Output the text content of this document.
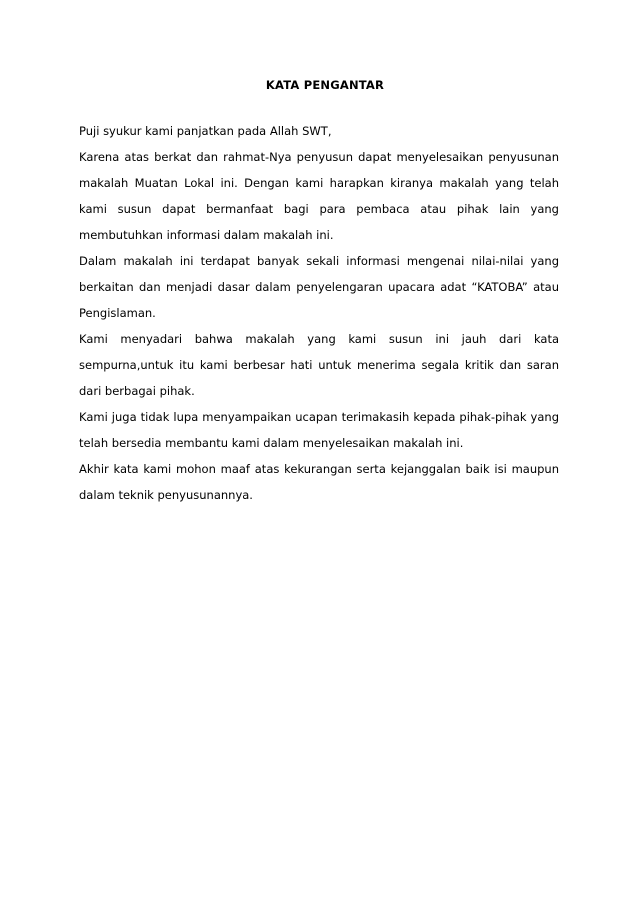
KATA PENGANTAR

Puji syukur kami panjatkan pada Allah SWT,

Karena atas berkat dan rahmat-Nya penyusun dapat menyelesaikan penyusunan makalah Muatan Lokal ini. Dengan kami harapkan kiranya makalah yang telah kami susun dapat bermanfaat bagi para pembaca atau pihak lain yang membutuhkan informasi dalam makalah ini.

Dalam makalah ini terdapat banyak sekali informasi mengenai nilai-nilai yang berkaitan dan menjadi dasar dalam penyelengaran upacara adat “KATOBA” atau Pengislaman.

Kami menyadari bahwa makalah yang kami susun ini jauh dari kata sempurna,untuk itu kami berbesar hati untuk menerima segala kritik dan saran dari berbagai pihak.

Kami juga tidak lupa menyampaikan ucapan terimakasih kepada pihak-pihak yang telah bersedia membantu kami dalam menyelesaikan makalah ini.

Akhir kata kami mohon maaf atas kekurangan serta kejanggalan baik isi maupun dalam teknik penyusunannya.
